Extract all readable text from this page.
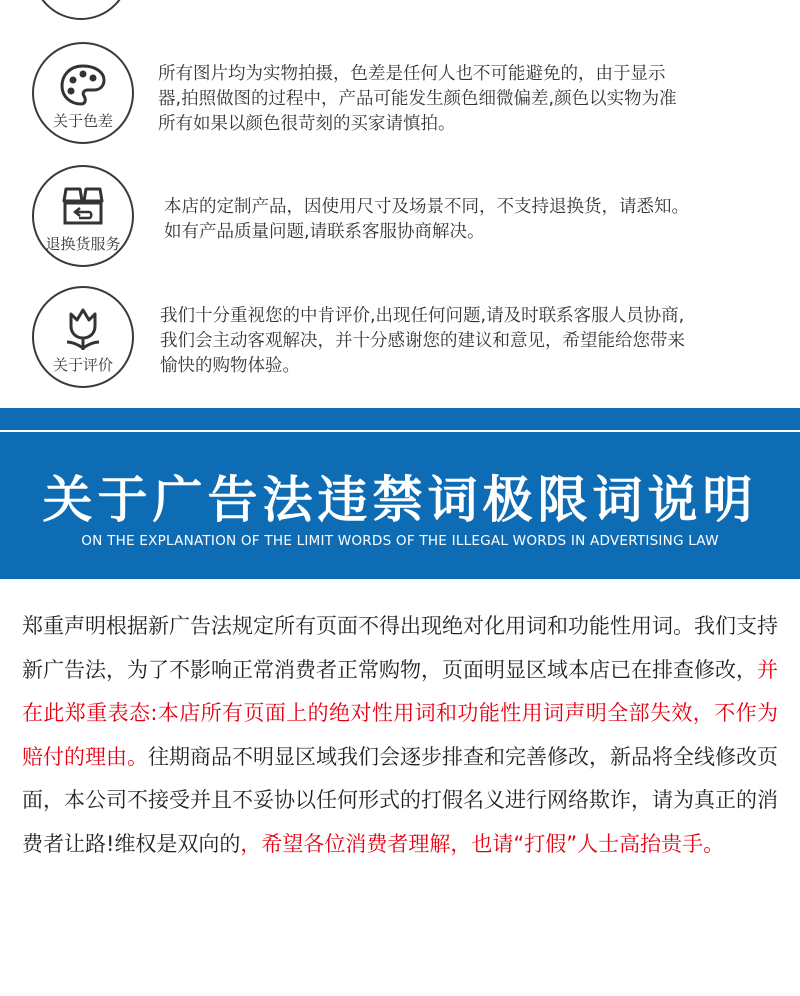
关于色差
所有图片均为实物拍摄，色差是任何人也不可能避免的，由于显示
器,拍照做图的过程中，产品可能发生颜色细微偏差,颜色以实物为准
所有如果以颜色很苛刻的买家请慎拍。
退换货服务
本店的定制产品，因使用尺寸及场景不同，不支持退换货，请悉知。
如有产品质量问题,请联系客服协商解决。
关于评价
我们十分重视您的中肯评价,出现任何问题,请及时联系客服人员协商,
我们会主动客观解决，并十分感谢您的建议和意见，希望能给您带来
愉快的购物体验。
关于广告法违禁词极限词说明
ON THE EXPLANATION OF THE LIMIT WORDS OF THE ILLEGAL WORDS IN ADVERTISING LAW
郑重声明根据新广告法规定所有页面不得出现绝对化用词和功能性用词。我们支持新广告法，为了不影响正常消费者正常购物，页面明显区域本店已在排查修改，并在此郑重表态:本店所有页面上的绝对性用词和功能性用词声明全部失效，不作为赔付的理由。往期商品不明显区域我们会逐步排查和完善修改，新品将全线修改页面，本公司不接受并且不妥协以任何形式的打假名义进行网络欺诈，请为真正的消费者让路!维权是双向的，希望各位消费者理解，也请“打假”人士高抬贵手。
